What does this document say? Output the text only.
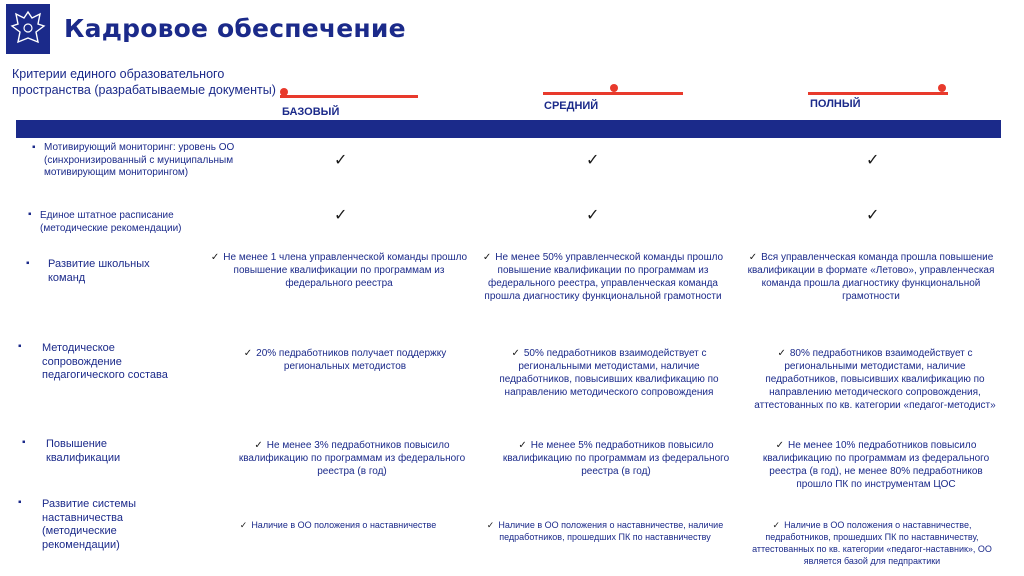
Кадровое обеспечение
Критерии единого образовательного пространства (разрабатываемые документы)
БАЗОВЫЙ	СРЕДНИЙ	ПОЛНЫЙ
▪ Мотивирующий мониторинг: уровень ОО (синхронизированный с муниципальным мотивирующим мониторингом)
✓	✓	✓
▪ Единое штатное расписание (методические рекомендации)
✓	✓	✓
▪ Развитие школьных команд
✓ Не менее 1 члена управленческой команды прошло повышение квалификации по программам из федерального реестра
✓ Не менее 50% управленческой команды прошло повышение квалификации по программам из федерального реестра, управленческая команда прошла диагностику функциональной грамотности
✓ Вся управленческая команда прошла повышение квалификации в формате «Летово», управленческая команда прошла диагностику функциональной грамотности
▪ Методическое сопровождение педагогического состава
✓ 20% педработников получает поддержку региональных методистов
✓ 50% педработников взаимодействует с региональными методистами, наличие педработников, повысивших квалификацию по направлению методического сопровождения
✓ 80% педработников взаимодействует с региональными методистами, наличие педработников, повысивших квалификацию по направлению методического сопровождения, аттестованных по кв. категории «педагог-методист»
▪ Повышение квалификации
✓ Не менее 3% педработников повысило квалификацию по программам из федерального реестра (в год)
✓ Не менее 5% педработников повысило квалификацию по программам из федерального реестра (в год)
✓ Не менее 10% педработников повысило квалификацию по программам из федерального реестра (в год), не менее 80% педработников прошло ПК по инструментам ЦОС
▪ Развитие системы наставничества (методические рекомендации)
✓ Наличие в ОО положения о наставничестве	✓ Наличие в ОО положения о наставничестве, наличие педработников, прошедших ПК по наставничеству
✓ Наличие в ОО положения о наставничестве, педработников, прошедших ПК по наставничеству, аттестованных по кв. категории «педагог-наставник», ОО является базой для педпрактики
